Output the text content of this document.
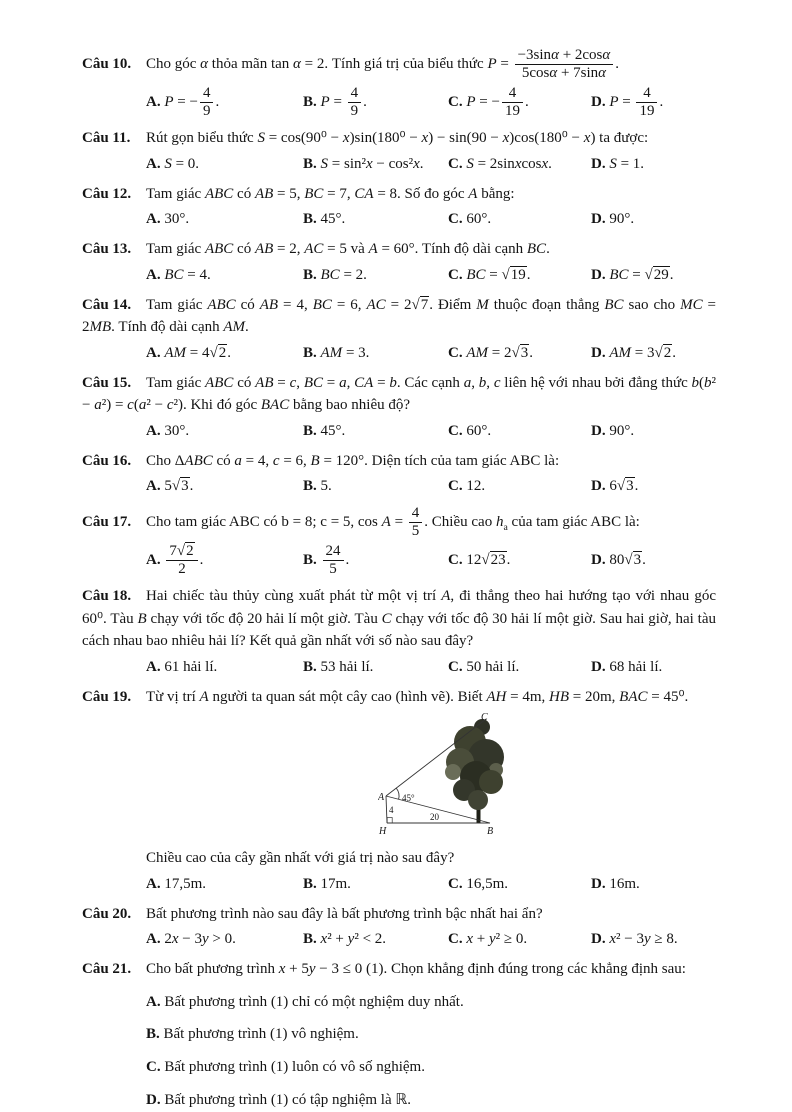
Câu 10. Cho góc α thỏa mãn tan α = 2. Tính giá trị của biểu thức $P = \frac{-3\sin\alpha + 2\cos\alpha}{5\cos\alpha + 7\sin\alpha}$ .

A. P = − $\frac{4}{9}$ .	B. $P = \frac{4}{9}$ .	C. P = − $\frac{4}{19}$ .	D. $P = \frac{4}{19}$ .

Câu 11. Rút gọn biểu thức S = cos(90⁰ − x)sin(180⁰ − x) − sin(90 − x)cos(180⁰ − x) ta được:

A. S = 0.	B. S = sin²x − cos²x.	C. S = 2sinxcosx.	D. S = 1.

Câu 12. Tam giác ABC có AB = 5, BC = 7, CA = 8. Số đo góc A bằng:

A. 30°.	B. 45°.	C. 60°.	D. 90°.

Câu 13. Tam giác ABC có AB = 2, AC = 5 và A = 60°. Tính độ dài cạnh BC.

A. BC = 4.	B. BC = 2.	C. BC = √19.	D. BC = √29.

Câu 14. Tam giác ABC có AB = 4, BC = 6, AC = 2√7. Điểm M thuộc đoạn thẳng BC sao cho MC = 2MB. Tính độ dài cạnh AM.

A. AM = 4√2.	B. AM = 3.	C. AM = 2√3.	D. AM = 3√2.

Câu 15. Tam giác ABC có AB = c, BC = a, CA = b. Các cạnh a, b, c liên hệ với nhau bởi đẳng thức b(b² − a²) = c(a² − c²). Khi đó góc BAC bằng bao nhiêu độ?

A. 30°.	B. 45°.	C. 60°.	D. 90°.

Câu 16. Cho ΔABC có a = 4, c = 6, B = 120°. Diện tích của tam giác ABC là:

A. 5√3.	B. 5.	C. 12.	D. 6√3.

Câu 17. Cho tam giác ABC có b = 8; c = 5, $\cos A = \frac{4}{5}$ . Chiều cao $h_a$ của tam giác ABC là:

A. $\frac{7√2}{2}$ .	B. $\frac{24}{5}$ .	C. 12√23.	D. 80√3.

Câu 18. Hai chiếc tàu thủy cùng xuất phát từ một vị trí A, đi thẳng theo hai hướng tạo với nhau góc 60⁰. Tàu B chạy với tốc độ 20 hải lí một giờ. Tàu C chạy với tốc độ 30 hải lí một giờ. Sau hai giờ, hai tàu cách nhau bao nhiêu hải lí? Kết quả gần nhất với số nào sau đây?

A. 61 hải lí.	B. 53 hải lí.	C. 50 hải lí.	D. 68 hải lí.

Câu 19. Từ vị trí A người ta quan sát một cây cao (hình vẽ). Biết AH = 4m, HB = 20m, BAC = 45⁰.

C
A 45°
4
20
H	B

Chiều cao của cây gần nhất với giá trị nào sau đây?

A. 17,5m.	B. 17m.	C. 16,5m.	D. 16m.

Câu 20. Bất phương trình nào sau đây là bất phương trình bậc nhất hai ẩn?

A. 2x − 3y > 0.	B. x² + y² < 2.	C. x + y² ≥ 0.	D. x² − 3y ≥ 8.

Câu 21. Cho bất phương trình x + 5y − 3 ≤ 0 (1). Chọn khẳng định đúng trong các khẳng định sau:

A. Bất phương trình (1) chỉ có một nghiệm duy nhất.
B. Bất phương trình (1) vô nghiệm.
C. Bất phương trình (1) luôn có vô số nghiệm.
D. Bất phương trình (1) có tập nghiệm là ℝ.
